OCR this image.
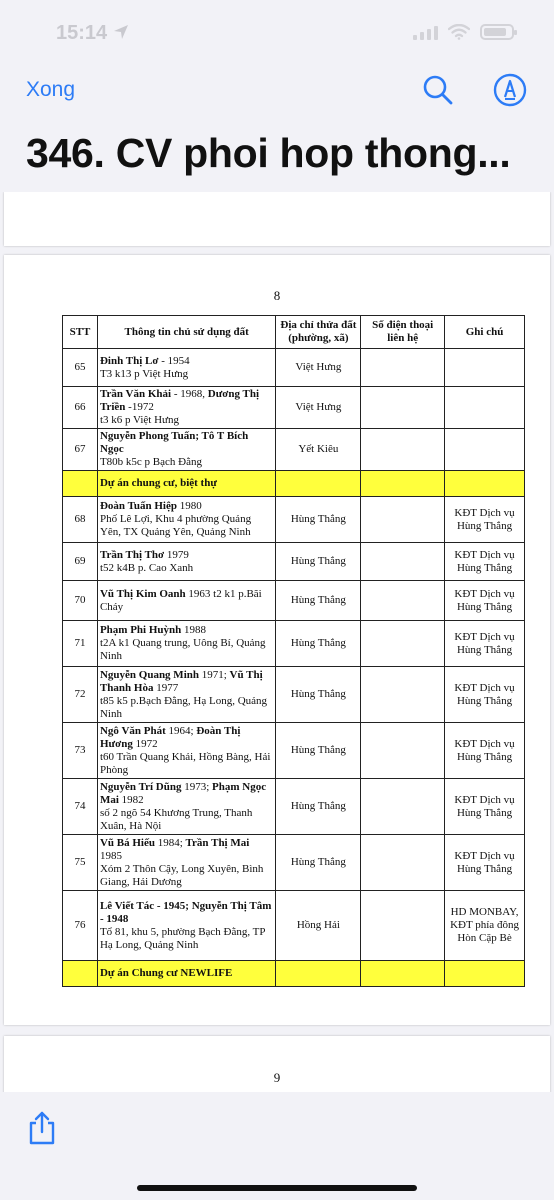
15:14
Xong
346. CV phoi hop thong...
8
STT	Thông tin chủ sử dụng đất	Địa chỉ thửa đất (phường, xã)	Số điện thoại liên hệ	Ghi chú
65	Đinh Thị Lơ - 1954
T3 k13 p Việt Hưng	Việt Hưng		
66	Trần Văn Khải - 1968, Dương Thị Triền -1972
t3 k6 p Việt Hưng	Việt Hưng		
67	Nguyễn Phong Tuấn; Tô T Bích Ngọc
T80b k5c p Bạch Đằng	Yết Kiêu		
	Dự án chung cư, biệt thự			
68	Đoàn Tuấn Hiệp 1980
Phố Lê Lợi, Khu 4 phường Quảng Yên, TX Quảng Yên, Quảng Ninh	Hùng Thắng		KĐT Dịch vụ Hùng Thắng
69	Trần Thị Thơ 1979
t52 k4B p. Cao Xanh	Hùng Thắng		KĐT Dịch vụ Hùng Thắng
70	Vũ Thị Kim Oanh 1963 t2 k1 p.Bãi Cháy	Hùng Thắng		KĐT Dịch vụ Hùng Thắng
71	Phạm Phi Huỳnh 1988
t2A k1 Quang trung, Uông Bí, Quảng Ninh	Hùng Thắng		KĐT Dịch vụ Hùng Thắng
72	Nguyễn Quang Minh 1971; Vũ Thị Thanh Hòa 1977
t85 k5 p.Bạch Đằng, Hạ Long, Quảng Ninh	Hùng Thắng		KĐT Dịch vụ Hùng Thắng
73	Ngô Văn Phát 1964; Đoàn Thị Hương 1972
t60 Trần Quang Khải, Hồng Bàng, Hải Phòng	Hùng Thắng		KĐT Dịch vụ Hùng Thắng
74	Nguyễn Trí Dũng 1973; Phạm Ngọc Mai 1982
số 2 ngõ 54 Khương Trung, Thanh Xuân, Hà Nội	Hùng Thắng		KĐT Dịch vụ Hùng Thắng
75	Vũ Bá Hiếu 1984; Trần Thị Mai 1985
Xóm 2 Thôn Cậy, Long Xuyên, Bình Giang, Hải Dương	Hùng Thắng		KĐT Dịch vụ Hùng Thắng
76	Lê Viết Tác - 1945; Nguyễn Thị Tâm - 1948
Tổ 81, khu 5, phường Bạch Đằng, TP Hạ Long, Quảng Ninh	Hồng Hải		HD MONBAY, KĐT phía đông Hòn Cặp Bè
	Dự án Chung cư NEWLIFE			
9
